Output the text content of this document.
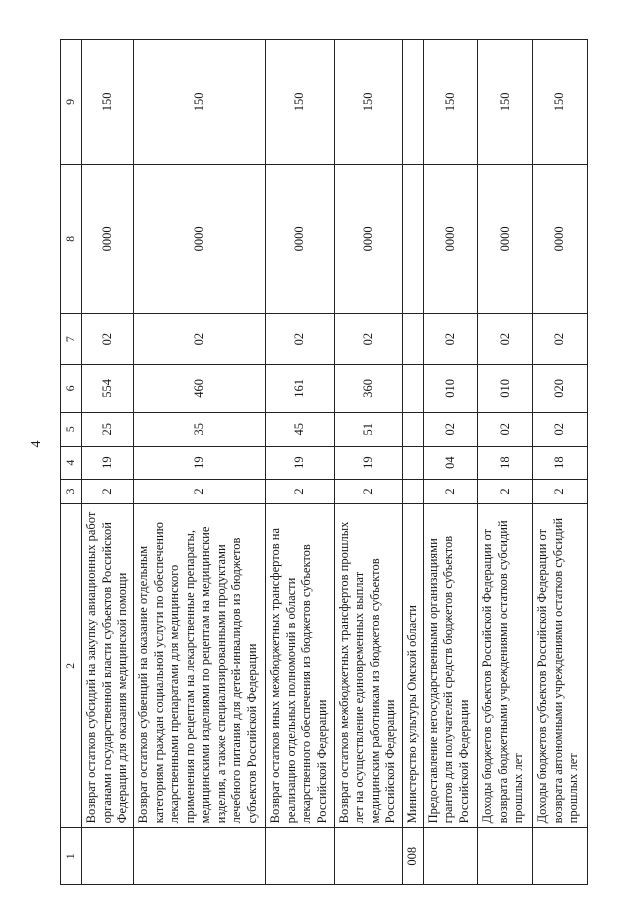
4
1	2	3	4	5	6	7	8	9
	Возврат остатков субсидий на закупку авиационных работ органами государственной власти субъектов Российской Федерации для оказания медицинской помощи	2	19	25	554	02	0000	150
	Возврат остатков субвенций на оказание отдельным категориям граждан социальной услуги по обеспечению лекарственными препаратами для медицинского применения по рецептам на лекарственные препараты, медицинскими изделиями по рецептам на медицинские изделия, а также специализированными продуктами лечебного питания для детей-инвалидов из бюджетов субъектов Российской Федерации	2	19	35	460	02	0000	150
	Возврат остатков иных межбюджетных трансфертов на реализацию отдельных полномочий в области лекарственного обеспечения из бюджетов субъектов Российской Федерации	2	19	45	161	02	0000	150
	Возврат остатков межбюджетных трансфертов прошлых лет на осуществление единовременных выплат медицинским работникам из бюджетов субъектов Российской Федерации	2	19	51	360	02	0000	150
008	Министерство культуры Омской области							
	Предоставление негосударственными организациями грантов для получателей средств бюджетов субъектов Российской Федерации	2	04	02	010	02	0000	150
	Доходы бюджетов субъектов Российской Федерации от возврата бюджетными учреждениями остатков субсидий прошлых лет	2	18	02	010	02	0000	150
	Доходы бюджетов субъектов Российской Федерации от возврата автономными учреждениями остатков субсидий прошлых лет	2	18	02	020	02	0000	150
